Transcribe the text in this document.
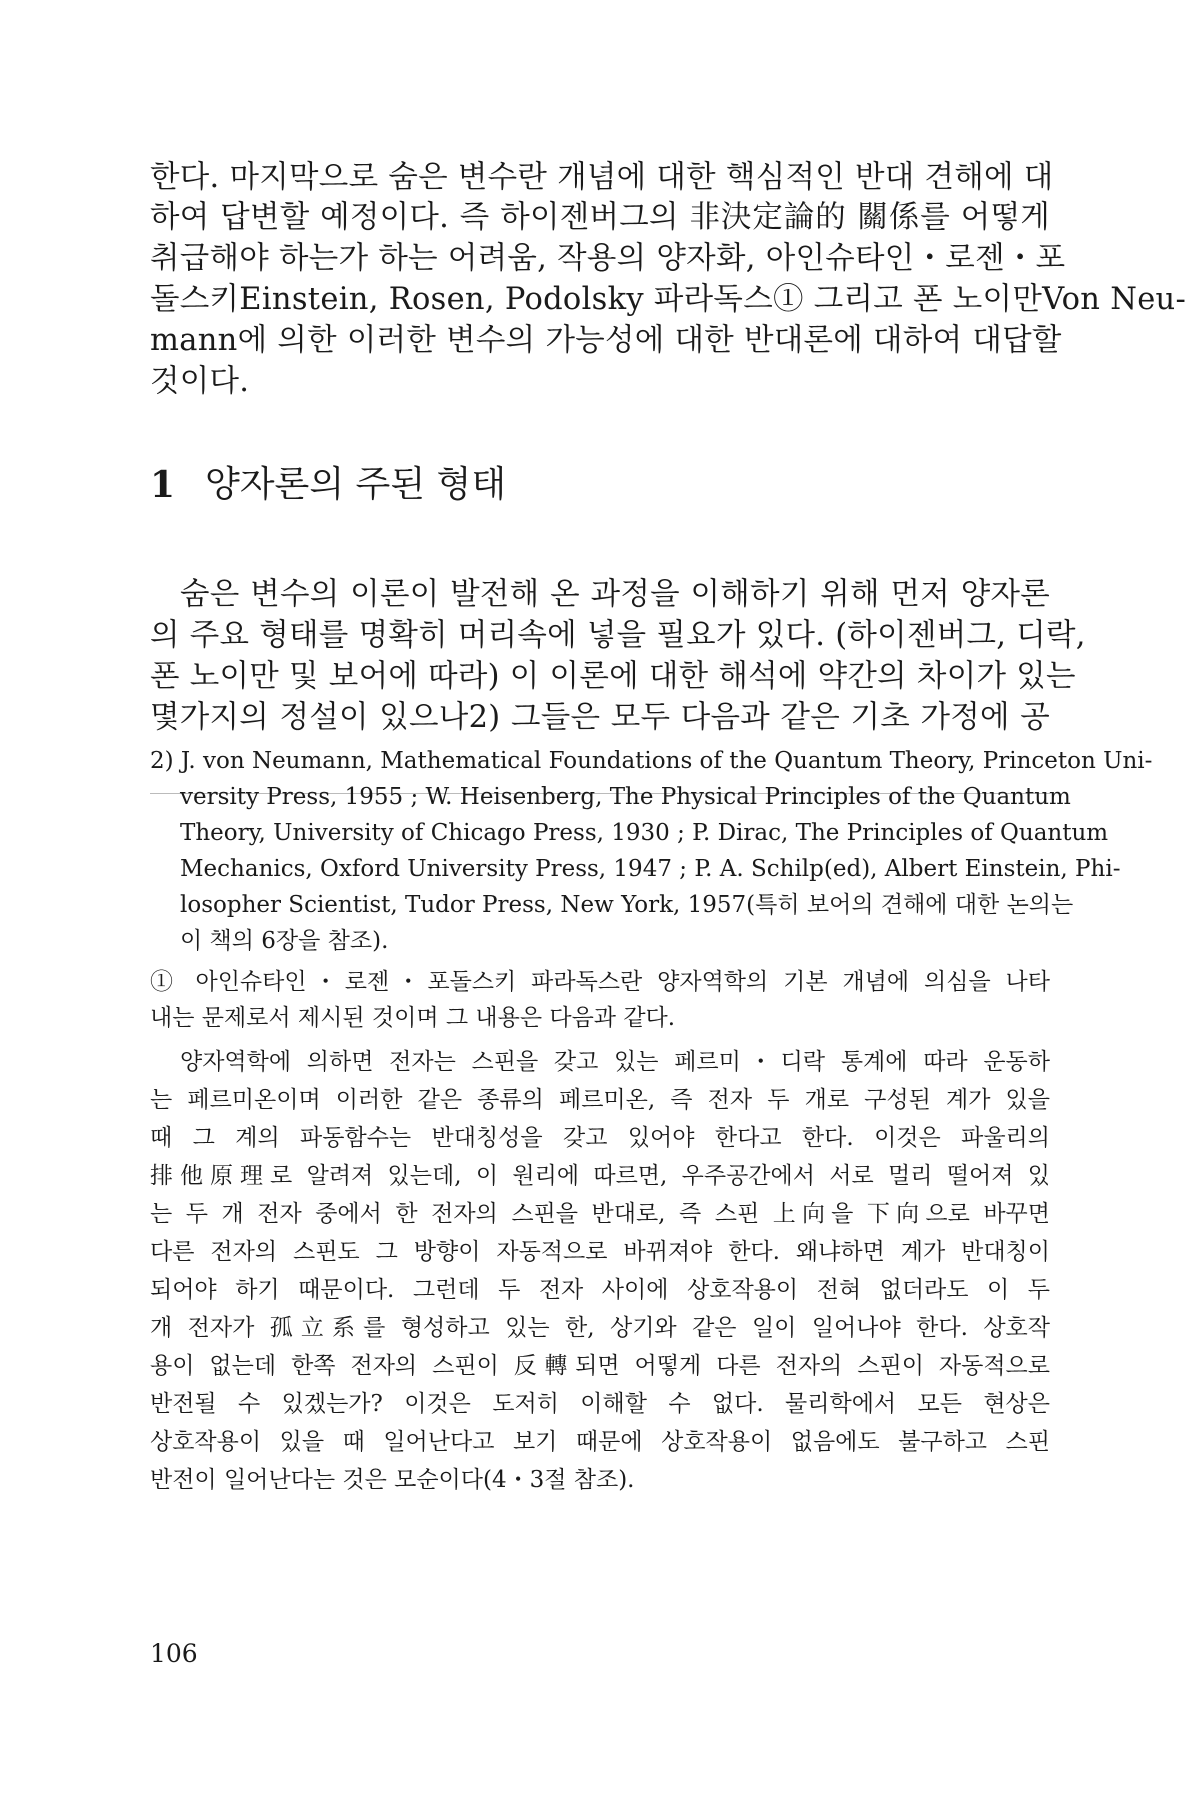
한다. 마지막으로 숨은 변수란 개념에 대한 핵심적인 반대 견해에 대
하여 답변할 예정이다. 즉 하이젠버그의 非決定論的 關係를 어떻게
취급해야 하는가 하는 어려움, 작용의 양자화, 아인슈타인・로젠・포
돌스키Einstein, Rosen, Podolsky 파라독스① 그리고 폰 노이만Von Neu-
mann에 의한 이러한 변수의 가능성에 대한 반대론에 대하여 대답할
것이다.
1 양자론의 주된 형태
숨은 변수의 이론이 발전해 온 과정을 이해하기 위해 먼저 양자론
의 주요 형태를 명확히 머리속에 넣을 필요가 있다. (하이젠버그, 디락,
폰 노이만 및 보어에 따라) 이 이론에 대한 해석에 약간의 차이가 있는
몇가지의 정설이 있으나2) 그들은 모두 다음과 같은 기초 가정에 공
2) J. von Neumann, Mathematical Foundations of the Quantum Theory, Princeton Uni-
versity Press, 1955 ; W. Heisenberg, The Physical Principles of the Quantum
Theory, University of Chicago Press, 1930 ; P. Dirac, The Principles of Quantum
Mechanics, Oxford University Press, 1947 ; P. A. Schilp(ed), Albert Einstein, Phi-
losopher Scientist, Tudor Press, New York, 1957(특히 보어의 견해에 대한 논의는
이 책의 6장을 참조).
① 아인슈타인・로젠・포돌스키 파라독스란 양자역학의 기본 개념에 의심을 나타
내는 문제로서 제시된 것이며 그 내용은 다음과 같다.
양자역학에 의하면 전자는 스핀을 갖고 있는 페르미・디락 통계에 따라 운동하
는 페르미온이며 이러한 같은 종류의 페르미온, 즉 전자 두 개로 구성된 계가 있을
때 그 계의 파동함수는 반대칭성을 갖고 있어야 한다고 한다. 이것은 파울리의
排他原理로 알려져 있는데, 이 원리에 따르면, 우주공간에서 서로 멀리 떨어져 있
는 두 개 전자 중에서 한 전자의 스핀을 반대로, 즉 스핀 上向을 下向으로 바꾸면
다른 전자의 스핀도 그 방향이 자동적으로 바뀌져야 한다. 왜냐하면 계가 반대칭이
되어야 하기 때문이다. 그런데 두 전자 사이에 상호작용이 전혀 없더라도 이 두
개 전자가 孤立系를 형성하고 있는 한, 상기와 같은 일이 일어나야 한다. 상호작
용이 없는데 한쪽 전자의 스핀이 反轉되면 어떻게 다른 전자의 스핀이 자동적으로
반전될 수 있겠는가? 이것은 도저히 이해할 수 없다. 물리학에서 모든 현상은
상호작용이 있을 때 일어난다고 보기 때문에 상호작용이 없음에도 불구하고 스핀
반전이 일어난다는 것은 모순이다(4・3절 참조).
106
